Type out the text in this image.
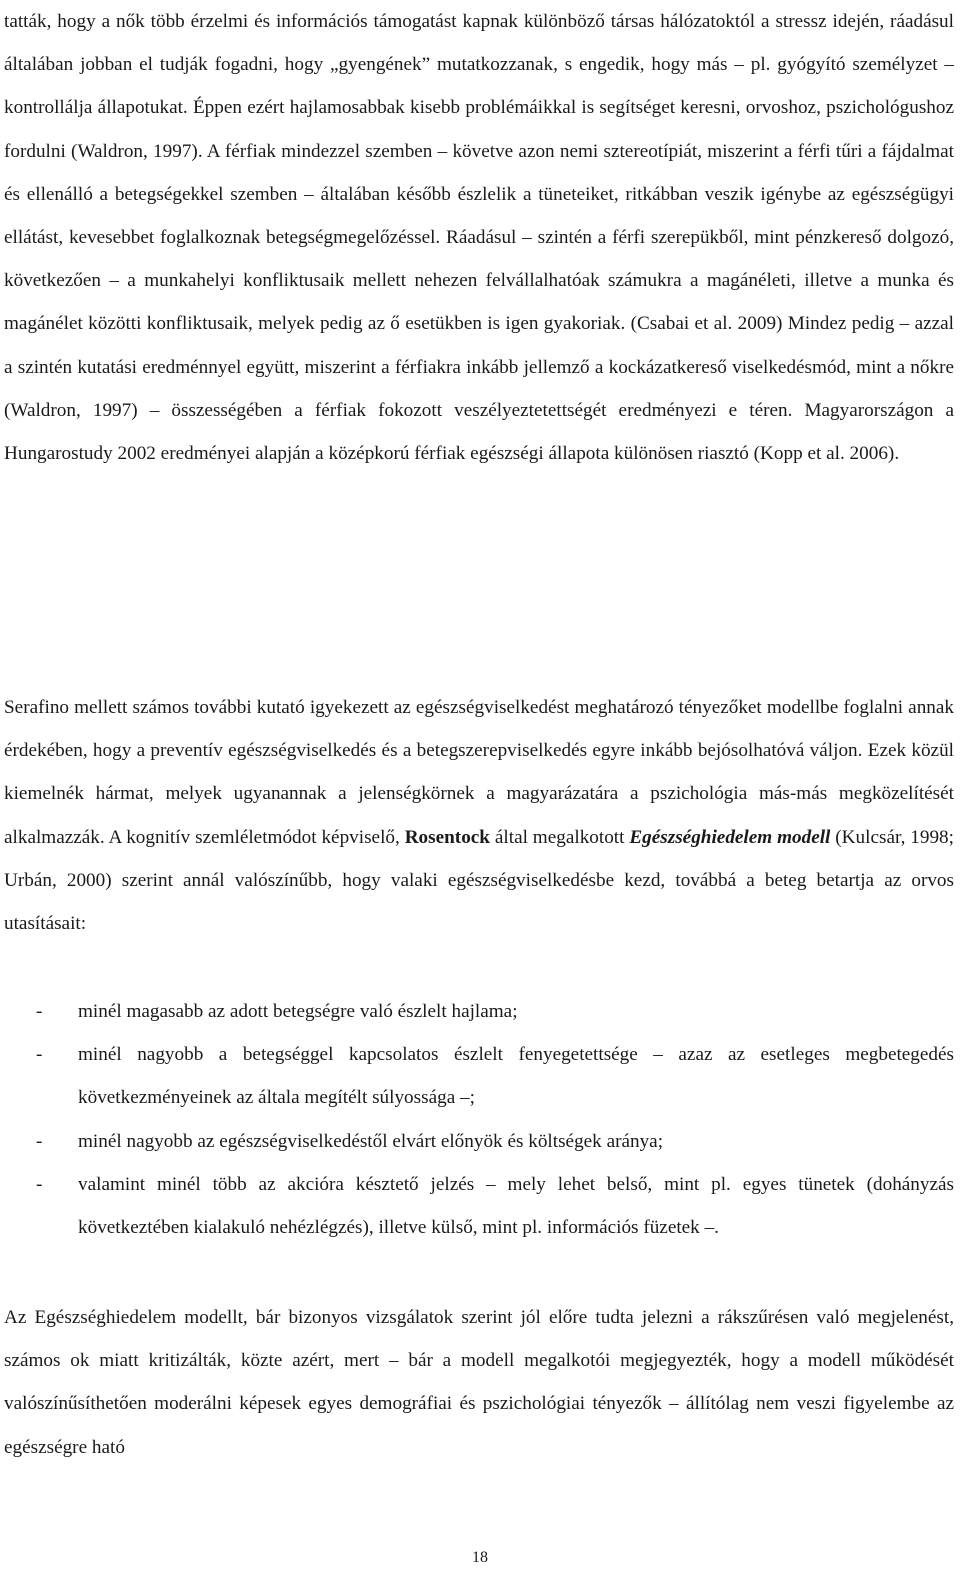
tatták, hogy a nők több érzelmi és információs támogatást kapnak különböző társas hálózatoktól a stressz idején, ráadásul általában jobban el tudják fogadni, hogy „gyengének” mutatkozzanak, s engedik, hogy más – pl. gyógyító személyzet – kontrollálja állapotukat. Éppen ezért hajlamosabbak kisebb problémáikkal is segítséget keresni, orvoshoz, pszichológushoz fordulni (Waldron, 1997). A férfiak mindezzel szemben – követve azon nemi sztereotípiát, miszerint a férfi tűri a fájdalmat és ellenálló a betegségekkel szemben – általában később észlelik a tüneteiket, ritkábban veszik igénybe az egészségügyi ellátást, kevesebbet foglalkoznak betegségmegelőzéssel. Ráadásul – szintén a férfi szerepükből, mint pénzkereső dolgozó, következően – a munkahelyi konfliktusaik mellett nehezen felvállalhatóak számukra a magánéleti, illetve a munka és magánélet közötti konfliktusaik, melyek pedig az ő esetükben is igen gyakoriak. (Csabai et al. 2009) Mindez pedig – azzal a szintén kutatási eredménnyel együtt, miszerint a férfiakra inkább jellemző a kockázatkereső viselkedésmód, mint a nőkre (Waldron, 1997) – összességében a férfiak fokozott veszélyeztetettségét eredményezi e téren. Magyarországon a Hungarostudy 2002 eredményei alapján a középkorú férfiak egészségi állapota különösen riasztó (Kopp et al. 2006).

Serafino mellett számos további kutató igyekezett az egészségviselkedést meghatározó tényezőket modellbe foglalni annak érdekében, hogy a preventív egészségviselkedés és a betegszerepviselkedés egyre inkább bejósolhatóvá váljon. Ezek közül kiemelnék hármat, melyek ugyanannak a jelenségkörnek a magyarázatára a pszichológia más-más megközelítését alkalmazzák. A kognitív szemléletmódot képviselő, Rosentock által megalkotott Egészséghiedelem modell (Kulcsár, 1998; Urbán, 2000) szerint annál valószínűbb, hogy valaki egészségviselkedésbe kezd, továbbá a beteg betartja az orvos utasításait:

- minél magasabb az adott betegségre való észlelt hajlama;
- minél nagyobb a betegséggel kapcsolatos észlelt fenyegetettsége – azaz az esetleges megbetegedés következményeinek az általa megítélt súlyossága –;
- minél nagyobb az egészségviselkedéstől elvárt előnyök és költségek aránya;
- valamint minél több az akcióra késztető jelzés – mely lehet belső, mint pl. egyes tünetek (dohányzás következtében kialakuló nehézlégzés), illetve külső, mint pl. információs füzetek –.

Az Egészséghiedelem modellt, bár bizonyos vizsgálatok szerint jól előre tudta jelezni a rákszűrésen való megjelenést, számos ok miatt kritizálták, közte azért, mert – bár a modell megalkotói megjegyezték, hogy a modell működését valószínűsíthetően moderálni képesek egyes demográfiai és pszichológiai tényezők – állítólag nem veszi figyelembe az egészségre ható

18
